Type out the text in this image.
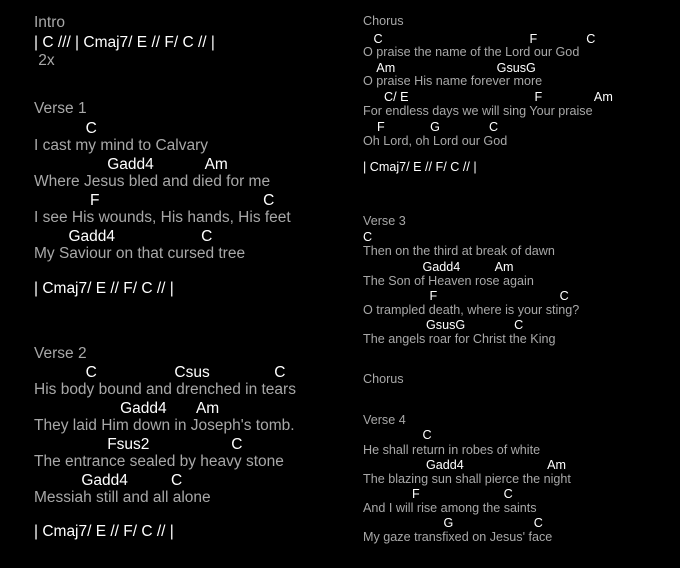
Intro
| C /// | Cmaj7/ E // F/ C // |
2x
Verse 1
C
I cast my mind to Calvary
Gadd4            Am
Where Jesus bled and died for me
F                                      C
I see His wounds, His hands, His feet
Gadd4                    C
My Saviour on that cursed tree
| Cmaj7/ E // F/ C // |
Verse 2
C                  Csus               C
His body bound and drenched in tears
Gadd4       Am
They laid Him down in Joseph's tomb.
Fsus2                   C
The entrance sealed by heavy stone
Gadd4          C
Messiah still and all alone
| Cmaj7/ E // F/ C // |
Chorus
C                                          F              C
O praise the name of the Lord our God
Am                             GsusG
O praise His name forever more
C/ E                                    F               Am
For endless days we will sing Your praise
F             G              C
Oh Lord, oh Lord our God
| Cmaj7/ E // F/ C // |
Verse 3
C
Then on the third at break of dawn
Gadd4          Am
The Son of Heaven rose again
F                                   C
O trampled death, where is your sting?
GsusG              C
The angels roar for Christ the King
Chorus
Verse 4
C
He shall return in robes of white
Gadd4                        Am
The blazing sun shall pierce the night
F                        C
And I will rise among the saints
G                       C
My gaze transfixed on Jesus' face
